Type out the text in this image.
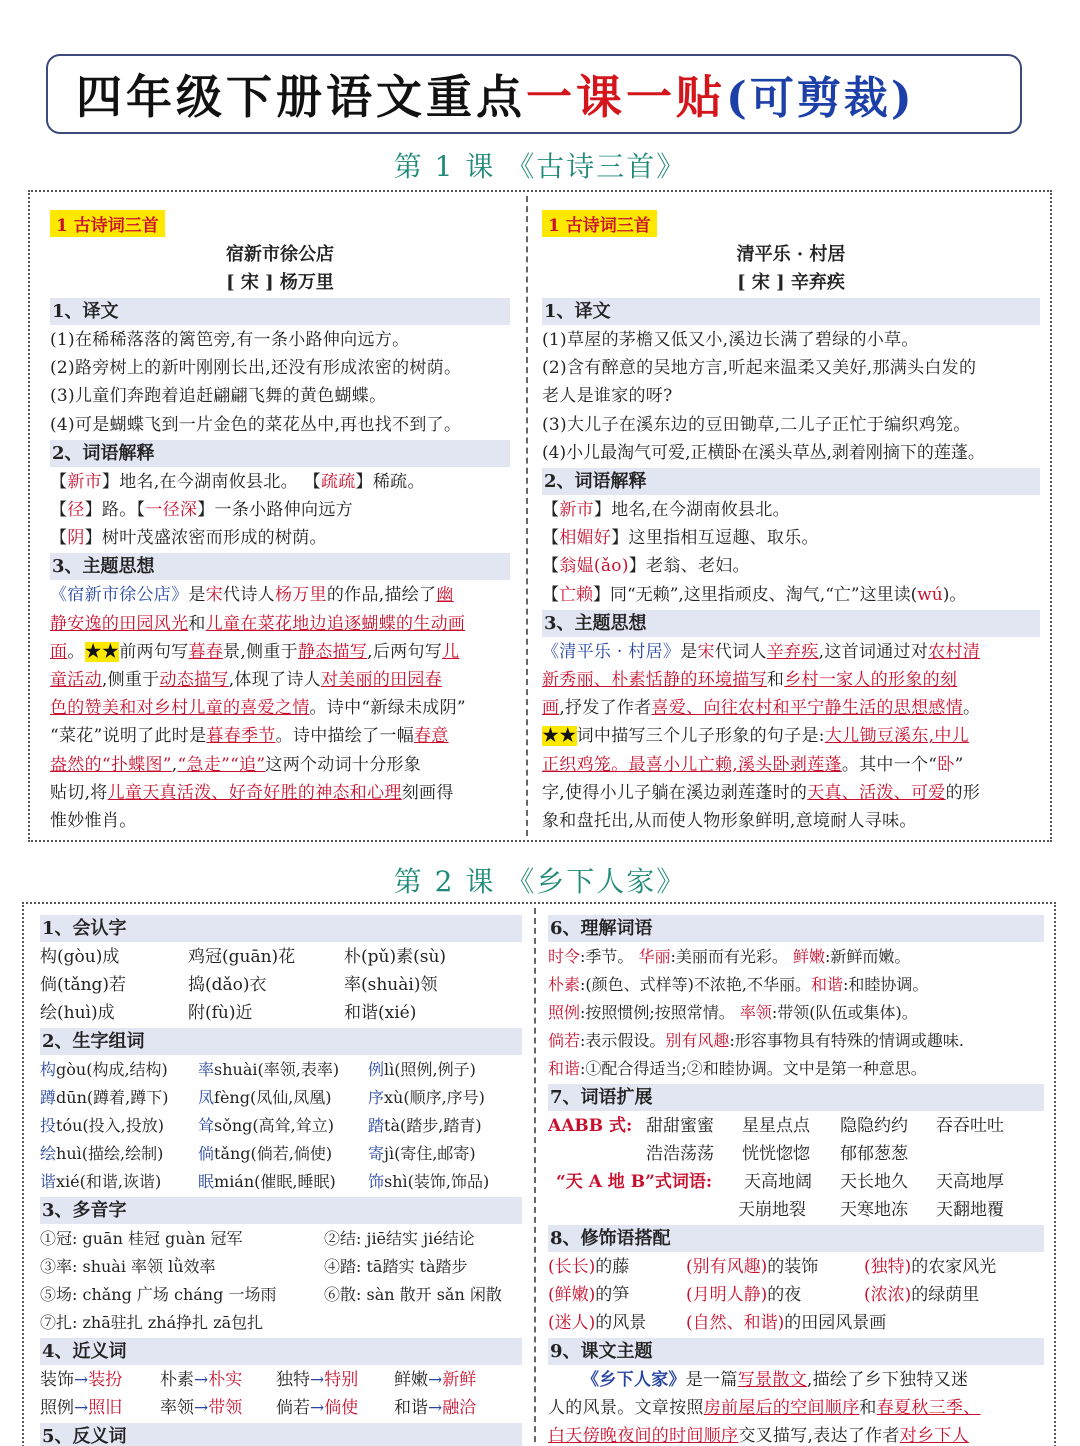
四年级下册语文重点 一课一贴 (可剪裁)
第 1 课 《古诗三首》
1 古诗词三首
宿新市徐公店
[ 宋 ] 杨万里
1、译文
(1)在稀稀落落的篱笆旁,有一条小路伸向远方。
(2)路旁树上的新叶刚刚长出,还没有形成浓密的树荫。
(3)儿童们奔跑着追赶翩翩飞舞的黄色蝴蝶。
(4)可是蝴蝶飞到一片金色的菜花丛中,再也找不到了。
2、词语解释
【新市】地名,在今湖南攸县北。 【疏疏】稀疏。
【径】路。【一径深】一条小路伸向远方
【阴】树叶茂盛浓密而形成的树荫。
3、主题思想
《宿新市徐公店》是宋代诗人杨万里的作品,描绘了幽
静安逸的田园风光和儿童在菜花地边追逐蝴蝶的生动画
面。★★前两句写暮春景,侧重于静态描写,后两句写儿
童活动,侧重于动态描写,体现了诗人对美丽的田园春
色的赞美和对乡村儿童的喜爱之情。诗中“新绿未成阴”
“菜花”说明了此时是暮春季节。诗中描绘了一幅春意
盎然的“扑蝶图”,“急走”“追”这两个动词十分形象
贴切,将儿童天真活泼、好奇好胜的神态和心理刻画得
惟妙惟肖。
1 古诗词三首
清平乐 · 村居
[ 宋 ] 辛弃疾
1、译文
(1)草屋的茅檐又低又小,溪边长满了碧绿的小草。
(2)含有醉意的吴地方言,听起来温柔又美好,那满头白发的
老人是谁家的呀?
(3)大儿子在溪东边的豆田锄草,二儿子正忙于编织鸡笼。
(4)小儿最淘气可爱,正横卧在溪头草丛,剥着刚摘下的莲蓬。
2、词语解释
【新市】地名,在今湖南攸县北。
【相媚好】这里指相互逗趣、取乐。
【翁媪(ǎo)】老翁、老妇。
【亡赖】同“无赖”,这里指顽皮、淘气,“亡”这里读(wú)。
3、主题思想
《清平乐 · 村居》是宋代词人辛弃疾,这首词通过对农村清
新秀丽、朴素恬静的环境描写和乡村一家人的形象的刻
画,抒发了作者喜爱、向往农村和平宁静生活的思想感情。
★★词中描写三个儿子形象的句子是:大儿锄豆溪东,中儿
正织鸡笼。最喜小儿亡赖,溪头卧剥莲蓬。其中一个“卧”
字,使得小儿子躺在溪边剥莲蓬时的天真、活泼、可爱的形
象和盘托出,从而使人物形象鲜明,意境耐人寻味。
第 2 课 《乡下人家》
1、会认字
构(gòu)成	鸡冠(guān)花	朴(pǔ)素(sù)
倘(tǎng)若	捣(dǎo)衣	率(shuài)领
绘(huì)成	附(fù)近	和谐(xié)
2、生字组词
构gòu(构成,结构) 率shuài(率领,表率) 例lì(照例,例子)
蹲dūn(蹲着,蹲下) 凤fèng(凤仙,凤凰) 序xù(顺序,序号)
投tóu(投入,投放) 耸sǒng(高耸,耸立) 踏tà(踏步,踏青)
绘huì(描绘,绘制) 倘tǎng(倘若,倘使) 寄jì(寄住,邮寄)
谐xié(和谐,诙谐) 眠mián(催眠,睡眠) 饰shì(装饰,饰品)
3、多音字
①冠: guān 桂冠 guàn 冠军	②结: jiē结实 jié结论
③率: shuài 率领 lǜ效率	④踏: tā踏实 tà踏步
⑤场: chǎng 广场 cháng 一场雨	⑥散: sàn 散开 sǎn 闲散
⑦扎: zhā驻扎 zhá挣扎 zā包扎
4、近义词
装饰→装扮 朴素→朴实 独特→特别 鲜嫩→新鲜
照例→照旧 率领→带领 倘若→倘使 和谐→融洽
5、反义词
6、理解词语
时令:季节。 华丽:美丽而有光彩。 鲜嫩:新鲜而嫩。
朴素:(颜色、式样等)不浓艳,不华丽。和谐:和睦协调。
照例:按照惯例;按照常情。 率领:带领(队伍或集体)。
倘若:表示假设。别有风趣:形容事物具有特殊的情调或趣味.
和谐:①配合得适当;②和睦协调。文中是第一种意思。
7、词语扩展
AABB 式: 甜甜蜜蜜 星星点点 隐隐约约 吞吞吐吐
浩浩荡荡 恍恍惚惚 郁郁葱葱
“天 A 地 B”式词语: 天高地阔 天长地久 天高地厚
天崩地裂 天寒地冻 天翻地覆
8、修饰语搭配
(长长)的藤	(别有风趣)的装饰	(独特)的农家风光
(鲜嫩)的笋	(月明人静)的夜	(浓浓)的绿荫里
(迷人)的风景 (自然、和谐)的田园风景画
9、课文主题
《乡下人家》是一篇写景散文,描绘了乡下独特又迷
人的风景。文章按照房前屋后的空间顺序和春夏秋三季、
白天傍晚夜间的时间顺序交叉描写,表达了作者对乡下人
